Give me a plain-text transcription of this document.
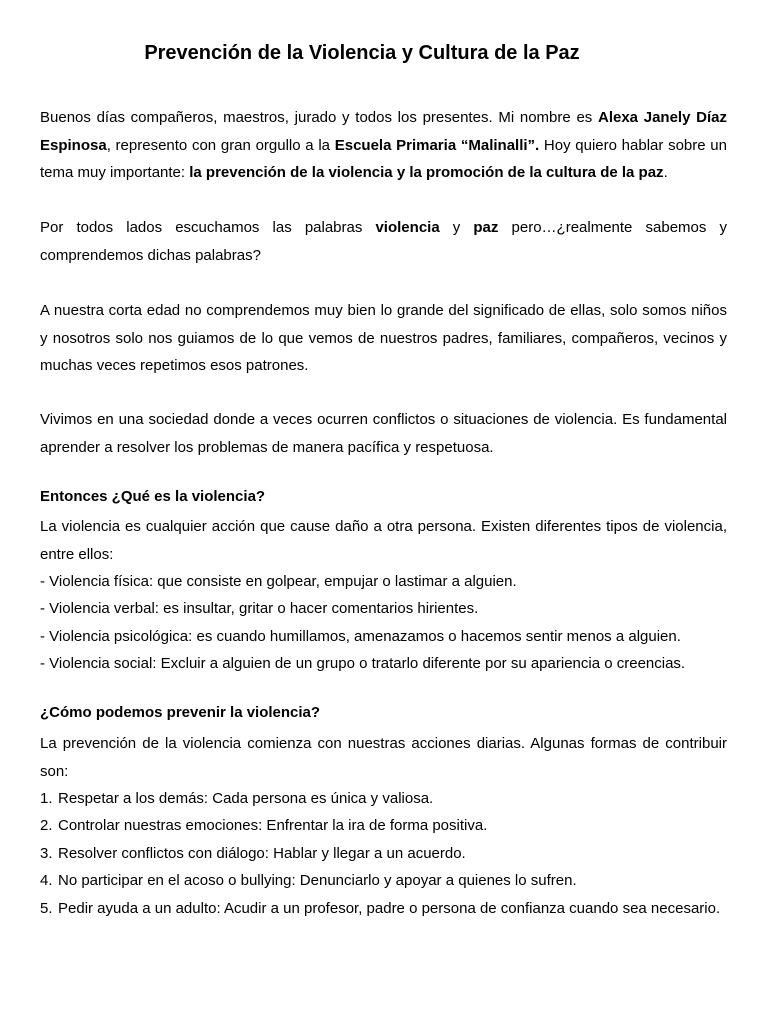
Prevención de la Violencia y Cultura de la Paz

Buenos días compañeros, maestros, jurado y todos los presentes. Mi nombre es Alexa Janely Díaz Espinosa, represento con gran orgullo a la Escuela Primaria “Malinalli”. Hoy quiero hablar sobre un tema muy importante: la prevención de la violencia y la promoción de la cultura de la paz.

Por todos lados escuchamos las palabras violencia y paz pero…¿realmente sabemos y comprendemos dichas palabras?

A nuestra corta edad no comprendemos muy bien lo grande del significado de ellas, solo somos niños y nosotros solo nos guiamos de lo que vemos de nuestros padres, familiares, compañeros, vecinos y muchas veces repetimos esos patrones.

Vivimos en una sociedad donde a veces ocurren conflictos o situaciones de violencia. Es fundamental aprender a resolver los problemas de manera pacífica y respetuosa.

Entonces ¿Qué es la violencia?

La violencia es cualquier acción que cause daño a otra persona. Existen diferentes tipos de violencia, entre ellos:

- Violencia física: que consiste en golpear, empujar o lastimar a alguien.

- Violencia verbal: es insultar, gritar o hacer comentarios hirientes.

- Violencia psicológica: es cuando humillamos, amenazamos o hacemos sentir menos a alguien.

- Violencia social: Excluir a alguien de un grupo o tratarlo diferente por su apariencia o creencias.

¿Cómo podemos prevenir la violencia?

La prevención de la violencia comienza con nuestras acciones diarias. Algunas formas de contribuir son:

1. Respetar a los demás: Cada persona es única y valiosa.
2. Controlar nuestras emociones: Enfrentar la ira de forma positiva.
3. Resolver conflictos con diálogo: Hablar y llegar a un acuerdo.
4. No participar en el acoso o bullying: Denunciarlo y apoyar a quienes lo sufren.
5. Pedir ayuda a un adulto: Acudir a un profesor, padre o persona de confianza cuando sea necesario.
